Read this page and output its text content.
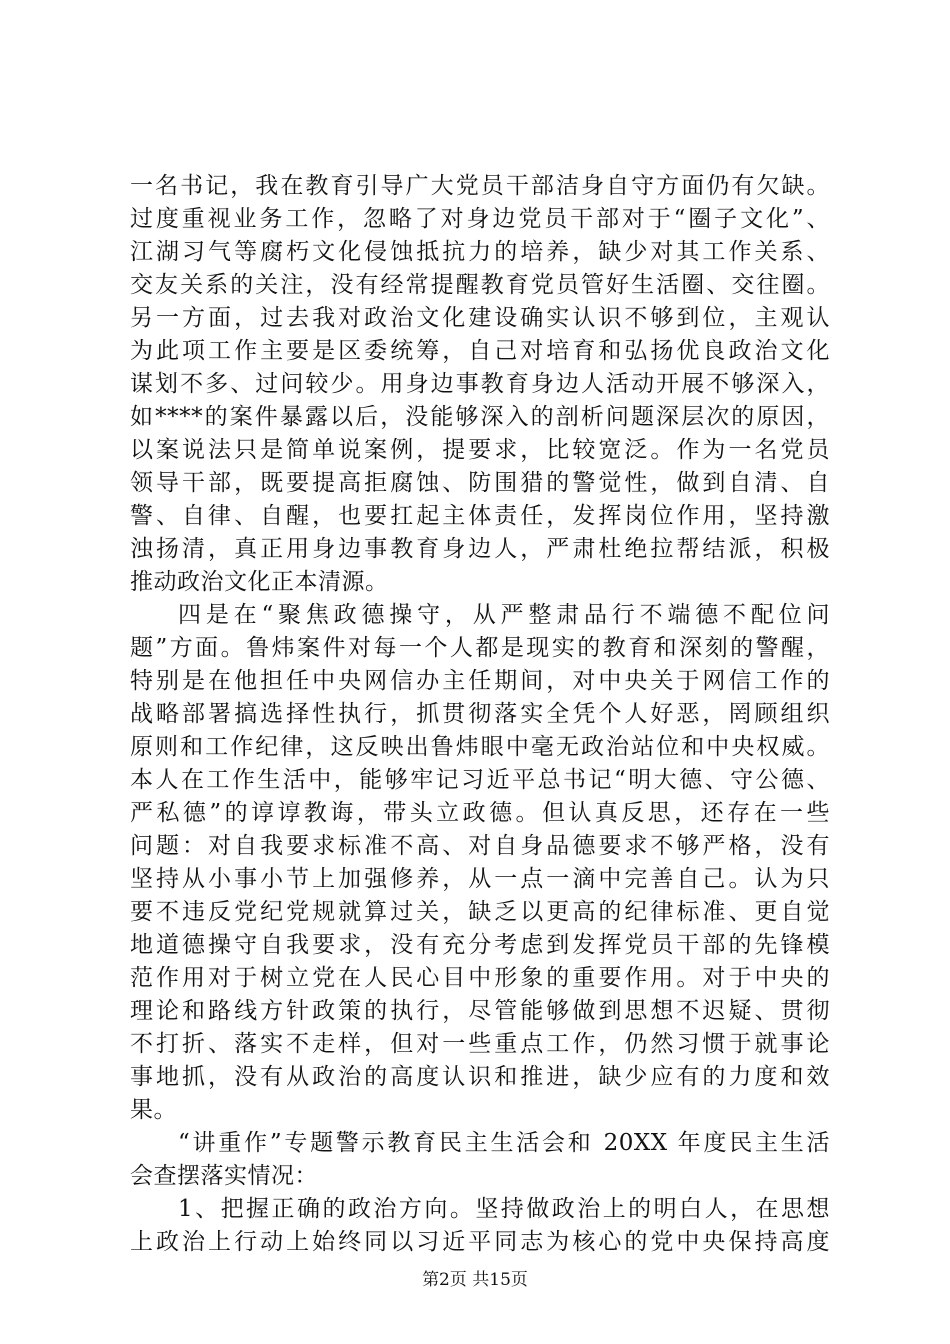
一名书记，我在教育引导广大党员干部洁身自守方面仍有欠缺。
过度重视业务工作，忽略了对身边党员干部对于“圈子文化”、
江湖习气等腐朽文化侵蚀抵抗力的培养，缺少对其工作关系、
交友关系的关注，没有经常提醒教育党员管好生活圈、交往圈。
另一方面，过去我对政治文化建设确实认识不够到位，主观认
为此项工作主要是区委统筹，自己对培育和弘扬优良政治文化
谋划不多、过问较少。用身边事教育身边人活动开展不够深入，
如****的案件暴露以后，没能够深入的剖析问题深层次的原因，
以案说法只是简单说案例，提要求，比较宽泛。作为一名党员
领导干部，既要提高拒腐蚀、防围猎的警觉性，做到自清、自
警、自律、自醒，也要扛起主体责任，发挥岗位作用，坚持激
浊扬清，真正用身边事教育身边人，严肃杜绝拉帮结派，积极
推动政治文化正本清源。
四是在“聚焦政德操守，从严整肃品行不端德不配位问
题”方面。鲁炜案件对每一个人都是现实的教育和深刻的警醒，
特别是在他担任中央网信办主任期间，对中央关于网信工作的
战略部署搞选择性执行，抓贯彻落实全凭个人好恶，罔顾组织
原则和工作纪律，这反映出鲁炜眼中毫无政治站位和中央权威。
本人在工作生活中，能够牢记习近平总书记“明大德、守公德、
严私德”的谆谆教诲，带头立政德。但认真反思，还存在一些
问题：对自我要求标准不高、对自身品德要求不够严格，没有
坚持从小事小节上加强修养，从一点一滴中完善自己。认为只
要不违反党纪党规就算过关，缺乏以更高的纪律标准、更自觉
地道德操守自我要求，没有充分考虑到发挥党员干部的先锋模
范作用对于树立党在人民心目中形象的重要作用。对于中央的
理论和路线方针政策的执行，尽管能够做到思想不迟疑、贯彻
不打折、落实不走样，但对一些重点工作，仍然习惯于就事论
事地抓，没有从政治的高度认识和推进，缺少应有的力度和效
果。
“讲重作”专题警示教育民主生活会和 20XX 年度民主生活
会查摆落实情况：
1、把握正确的政治方向。坚持做政治上的明白人，在思想
上政治上行动上始终同以习近平同志为核心的党中央保持高度
第2页 共15页
